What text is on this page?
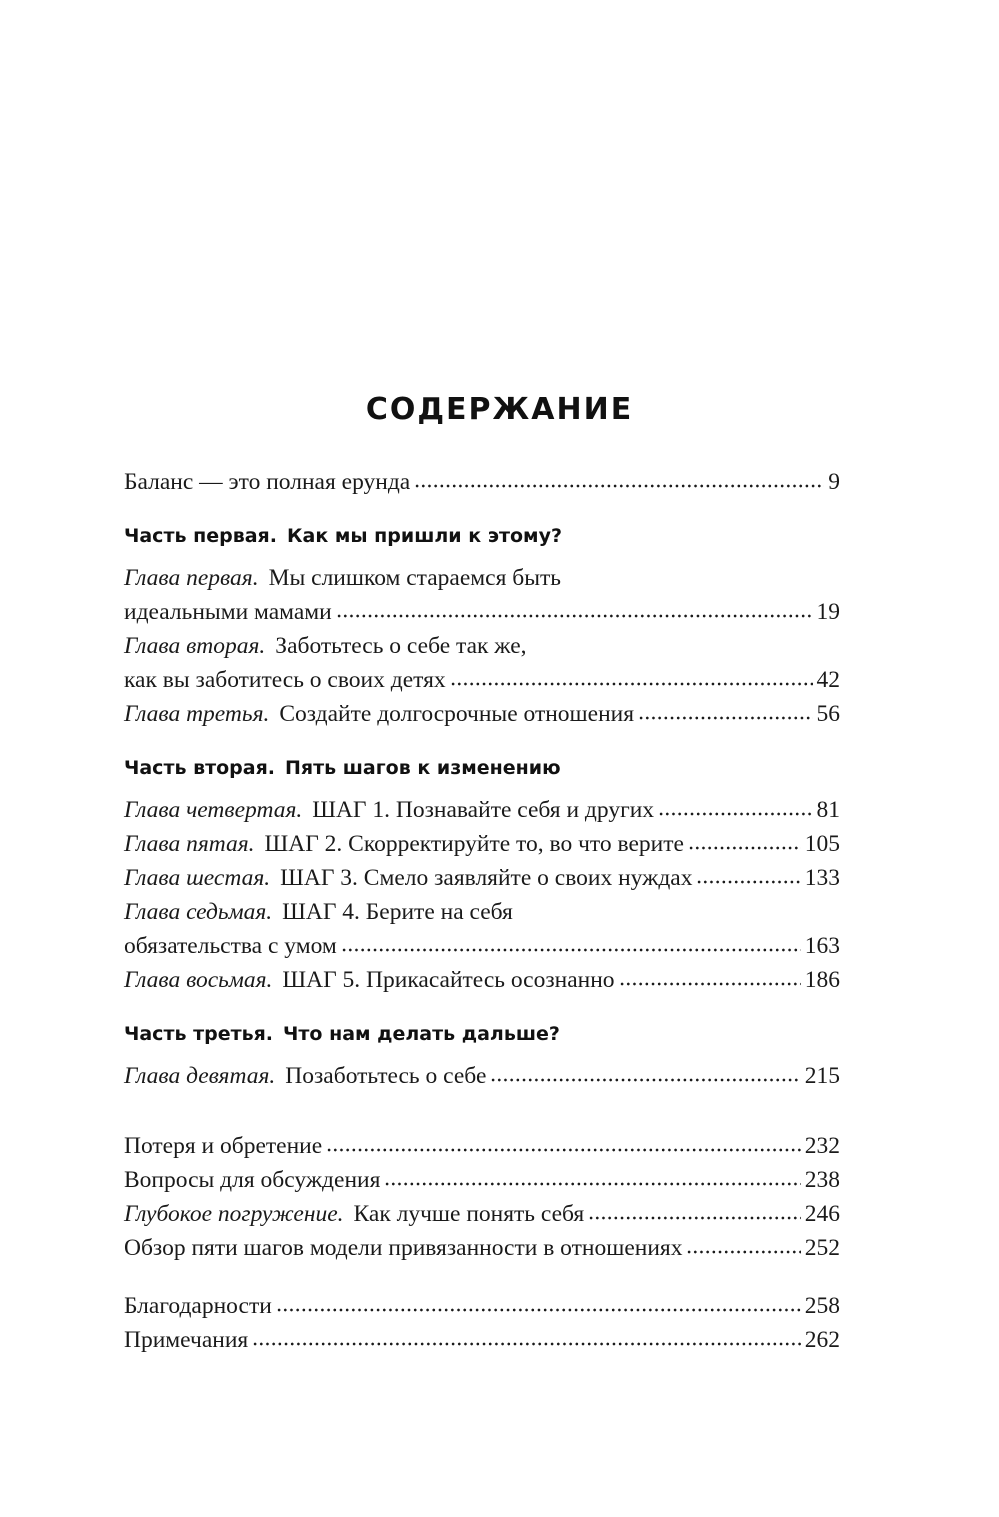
СОДЕРЖАНИЕ
Баланс — это полная ерунда	9
Часть первая. Как мы пришли к этому?
Глава первая. Мы слишком стараемся быть
идеальными мамами	19
Глава вторая. Заботьтесь о себе так же,
как вы заботитесь о своих детях	42
Глава третья. Создайте долгосрочные отношения	56
Часть вторая. Пять шагов к изменению
Глава четвертая. ШАГ 1. Познавайте себя и других	81
Глава пятая. ШАГ 2. Скорректируйте то, во что верите	105
Глава шестая. ШАГ 3. Смело заявляйте о своих нуждах	133
Глава седьмая. ШАГ 4. Берите на себя
обязательства с умом	163
Глава восьмая. ШАГ 5. Прикасайтесь осознанно	186
Часть третья. Что нам делать дальше?
Глава девятая. Позаботьтесь о себе	215
Потеря и обретение	232
Вопросы для обсуждения	238
Глубокое погружение. Как лучше понять себя	246
Обзор пяти шагов модели привязанности в отношениях	252
Благодарности	258
Примечания	262
